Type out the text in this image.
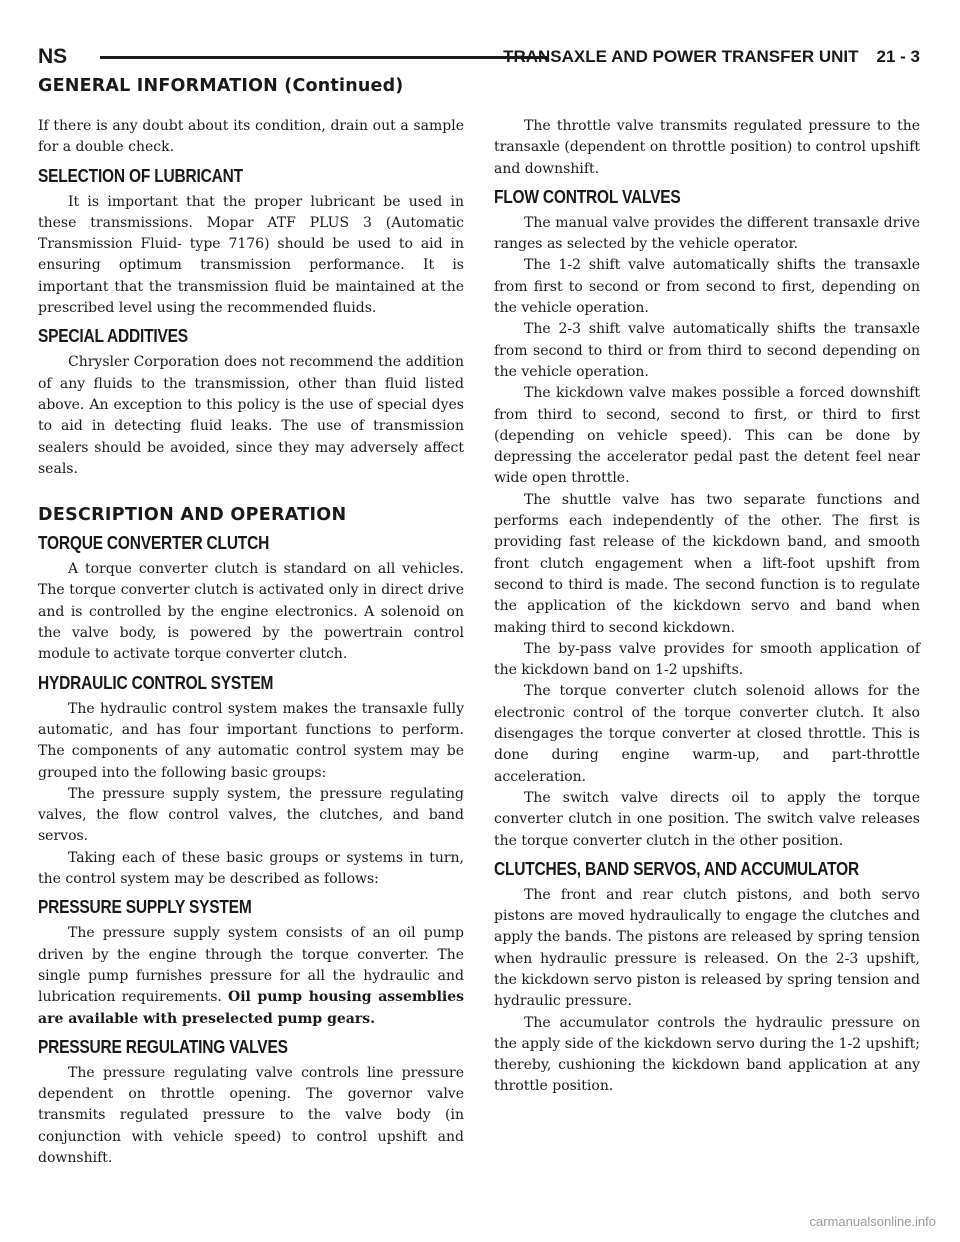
NS	TRANSAXLE AND POWER TRANSFER UNIT 21 - 3
GENERAL INFORMATION (Continued)

If there is any doubt about its condition, drain out a sample for a double check.

SELECTION OF LUBRICANT

It is important that the proper lubricant be used in these transmissions. Mopar ATF PLUS 3 (Automatic Transmission Fluid- type 7176) should be used to aid in ensuring optimum transmission performance. It is important that the transmission fluid be maintained at the prescribed level using the recommended fluids.

SPECIAL ADDITIVES

Chrysler Corporation does not recommend the addition of any fluids to the transmission, other than fluid listed above. An exception to this policy is the use of special dyes to aid in detecting fluid leaks. The use of transmission sealers should be avoided, since they may adversely affect seals.

DESCRIPTION AND OPERATION
TORQUE CONVERTER CLUTCH

A torque converter clutch is standard on all vehicles. The torque converter clutch is activated only in direct drive and is controlled by the engine electronics. A solenoid on the valve body, is powered by the powertrain control module to activate torque converter clutch.

HYDRAULIC CONTROL SYSTEM

The hydraulic control system makes the transaxle fully automatic, and has four important functions to perform. The components of any automatic control system may be grouped into the following basic groups:

The pressure supply system, the pressure regulating valves, the flow control valves, the clutches, and band servos.

Taking each of these basic groups or systems in turn, the control system may be described as follows:

PRESSURE SUPPLY SYSTEM

The pressure supply system consists of an oil pump driven by the engine through the torque converter. The single pump furnishes pressure for all the hydraulic and lubrication requirements. Oil pump housing assemblies are available with preselected pump gears.

PRESSURE REGULATING VALVES

The pressure regulating valve controls line pressure dependent on throttle opening. The governor valve transmits regulated pressure to the valve body (in conjunction with vehicle speed) to control upshift and downshift.

The throttle valve transmits regulated pressure to the transaxle (dependent on throttle position) to control upshift and downshift.

FLOW CONTROL VALVES

The manual valve provides the different transaxle drive ranges as selected by the vehicle operator.

The 1-2 shift valve automatically shifts the transaxle from first to second or from second to first, depending on the vehicle operation.

The 2-3 shift valve automatically shifts the transaxle from second to third or from third to second depending on the vehicle operation.

The kickdown valve makes possible a forced downshift from third to second, second to first, or third to first (depending on vehicle speed). This can be done by depressing the accelerator pedal past the detent feel near wide open throttle.

The shuttle valve has two separate functions and performs each independently of the other. The first is providing fast release of the kickdown band, and smooth front clutch engagement when a lift-foot upshift from second to third is made. The second function is to regulate the application of the kickdown servo and band when making third to second kickdown.

The by-pass valve provides for smooth application of the kickdown band on 1-2 upshifts.

The torque converter clutch solenoid allows for the electronic control of the torque converter clutch. It also disengages the torque converter at closed throttle. This is done during engine warm-up, and part-throttle acceleration.

The switch valve directs oil to apply the torque converter clutch in one position. The switch valve releases the torque converter clutch in the other position.

CLUTCHES, BAND SERVOS, AND ACCUMULATOR

The front and rear clutch pistons, and both servo pistons are moved hydraulically to engage the clutches and apply the bands. The pistons are released by spring tension when hydraulic pressure is released. On the 2-3 upshift, the kickdown servo piston is released by spring tension and hydraulic pressure.

The accumulator controls the hydraulic pressure on the apply side of the kickdown servo during the 1-2 upshift; thereby, cushioning the kickdown band application at any throttle position.

carmanualsonline.info
